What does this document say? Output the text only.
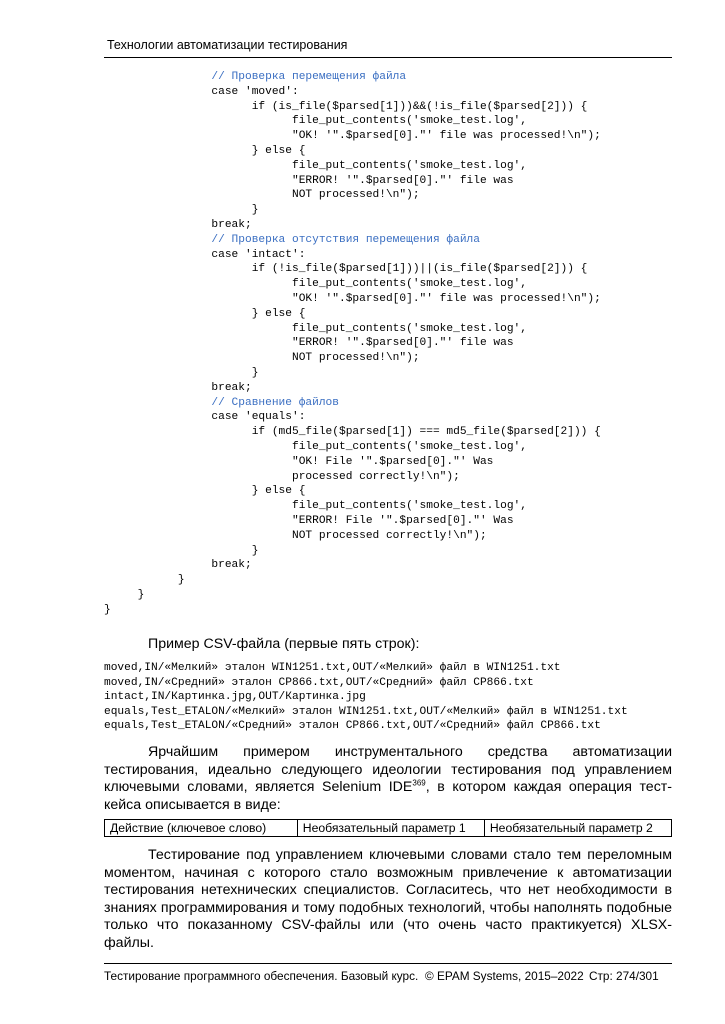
Технологии автоматизации тестирования
// Проверка перемещения файла
case 'moved':
if (is_file($parsed[1]))&&(!is_file($parsed[2])) {
file_put_contents('smoke_test.log',
"OK! '".$parsed[0]."' file was processed!\n");
} else {
file_put_contents('smoke_test.log',
"ERROR! '".$parsed[0]."' file was
NOT processed!\n");
}
break;
// Проверка отсутствия перемещения файла
case 'intact':
if (!is_file($parsed[1]))||(is_file($parsed[2])) {
file_put_contents('smoke_test.log',
"OK! '".$parsed[0]."' file was processed!\n");
} else {
file_put_contents('smoke_test.log',
"ERROR! '".$parsed[0]."' file was
NOT processed!\n");
}
break;
// Сравнение файлов
case 'equals':
if (md5_file($parsed[1]) === md5_file($parsed[2])) {
file_put_contents('smoke_test.log',
"OK! File '".$parsed[0]."' Was
processed correctly!\n");
} else {
file_put_contents('smoke_test.log',
"ERROR! File '".$parsed[0]."' Was
NOT processed correctly!\n");
}
break;
}
}
}
Пример CSV-файла (первые пять строк):
moved,IN/«Мелкий» эталон WIN1251.txt,OUT/«Мелкий» файл в WIN1251.txt
moved,IN/«Средний» эталон CP866.txt,OUT/«Средний» файл CP866.txt
intact,IN/Картинка.jpg,OUT/Картинка.jpg
equals,Test_ETALON/«Мелкий» эталон WIN1251.txt,OUT/«Мелкий» файл в WIN1251.txt
equals,Test_ETALON/«Средний» эталон CP866.txt,OUT/«Средний» файл CP866.txt
Ярчайшим примером инструментального средства автоматизации тестирования, идеально следующего идеологии тестирования под управлением ключевыми словами, является Selenium IDE$^{369}$, в котором каждая операция тест-кейса описывается в виде:
Действие (ключевое слово)	Необязательный параметр 1	Необязательный параметр 2
Тестирование под управлением ключевыми словами стало тем переломным моментом, начиная с которого стало возможным привлечение к автоматизации тестирования нетехнических специалистов. Согласитесь, что нет необходимости в знаниях программирования и тому подобных технологий, чтобы наполнять подобные только что показанному CSV-файлы или (что очень часто практикуется) XLSX-файлы.
Тестирование программного обеспечения. Базовый курс. © EPAM Systems, 2015–2022 Стр: 274/301
